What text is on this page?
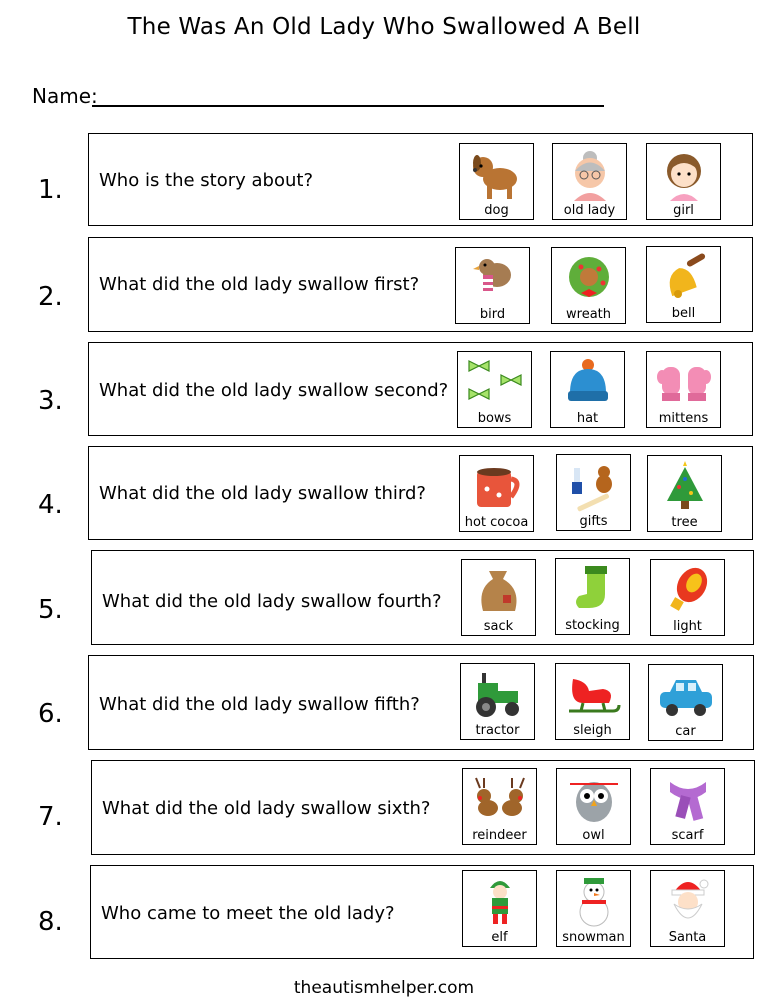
The Was An Old Lady Who Swallowed A Bell
Name:
1.	Who is the story about?
dog	old lady	girl
2.	What did the old lady swallow first?
bird	wreath	bell
3.	What did the old lady swallow second?
bows	hat	mittens
4.	What did the old lady swallow third?
hot cocoa	gifts	tree
5.	What did the old lady swallow fourth?
sack	stocking	light
6.	What did the old lady swallow fifth?
tractor	sleigh	car
7.	What did the old lady swallow sixth?
reindeer	owl	scarf
8.	Who came to meet the old lady?
elf	snowman	Santa
theautismhelper.com
